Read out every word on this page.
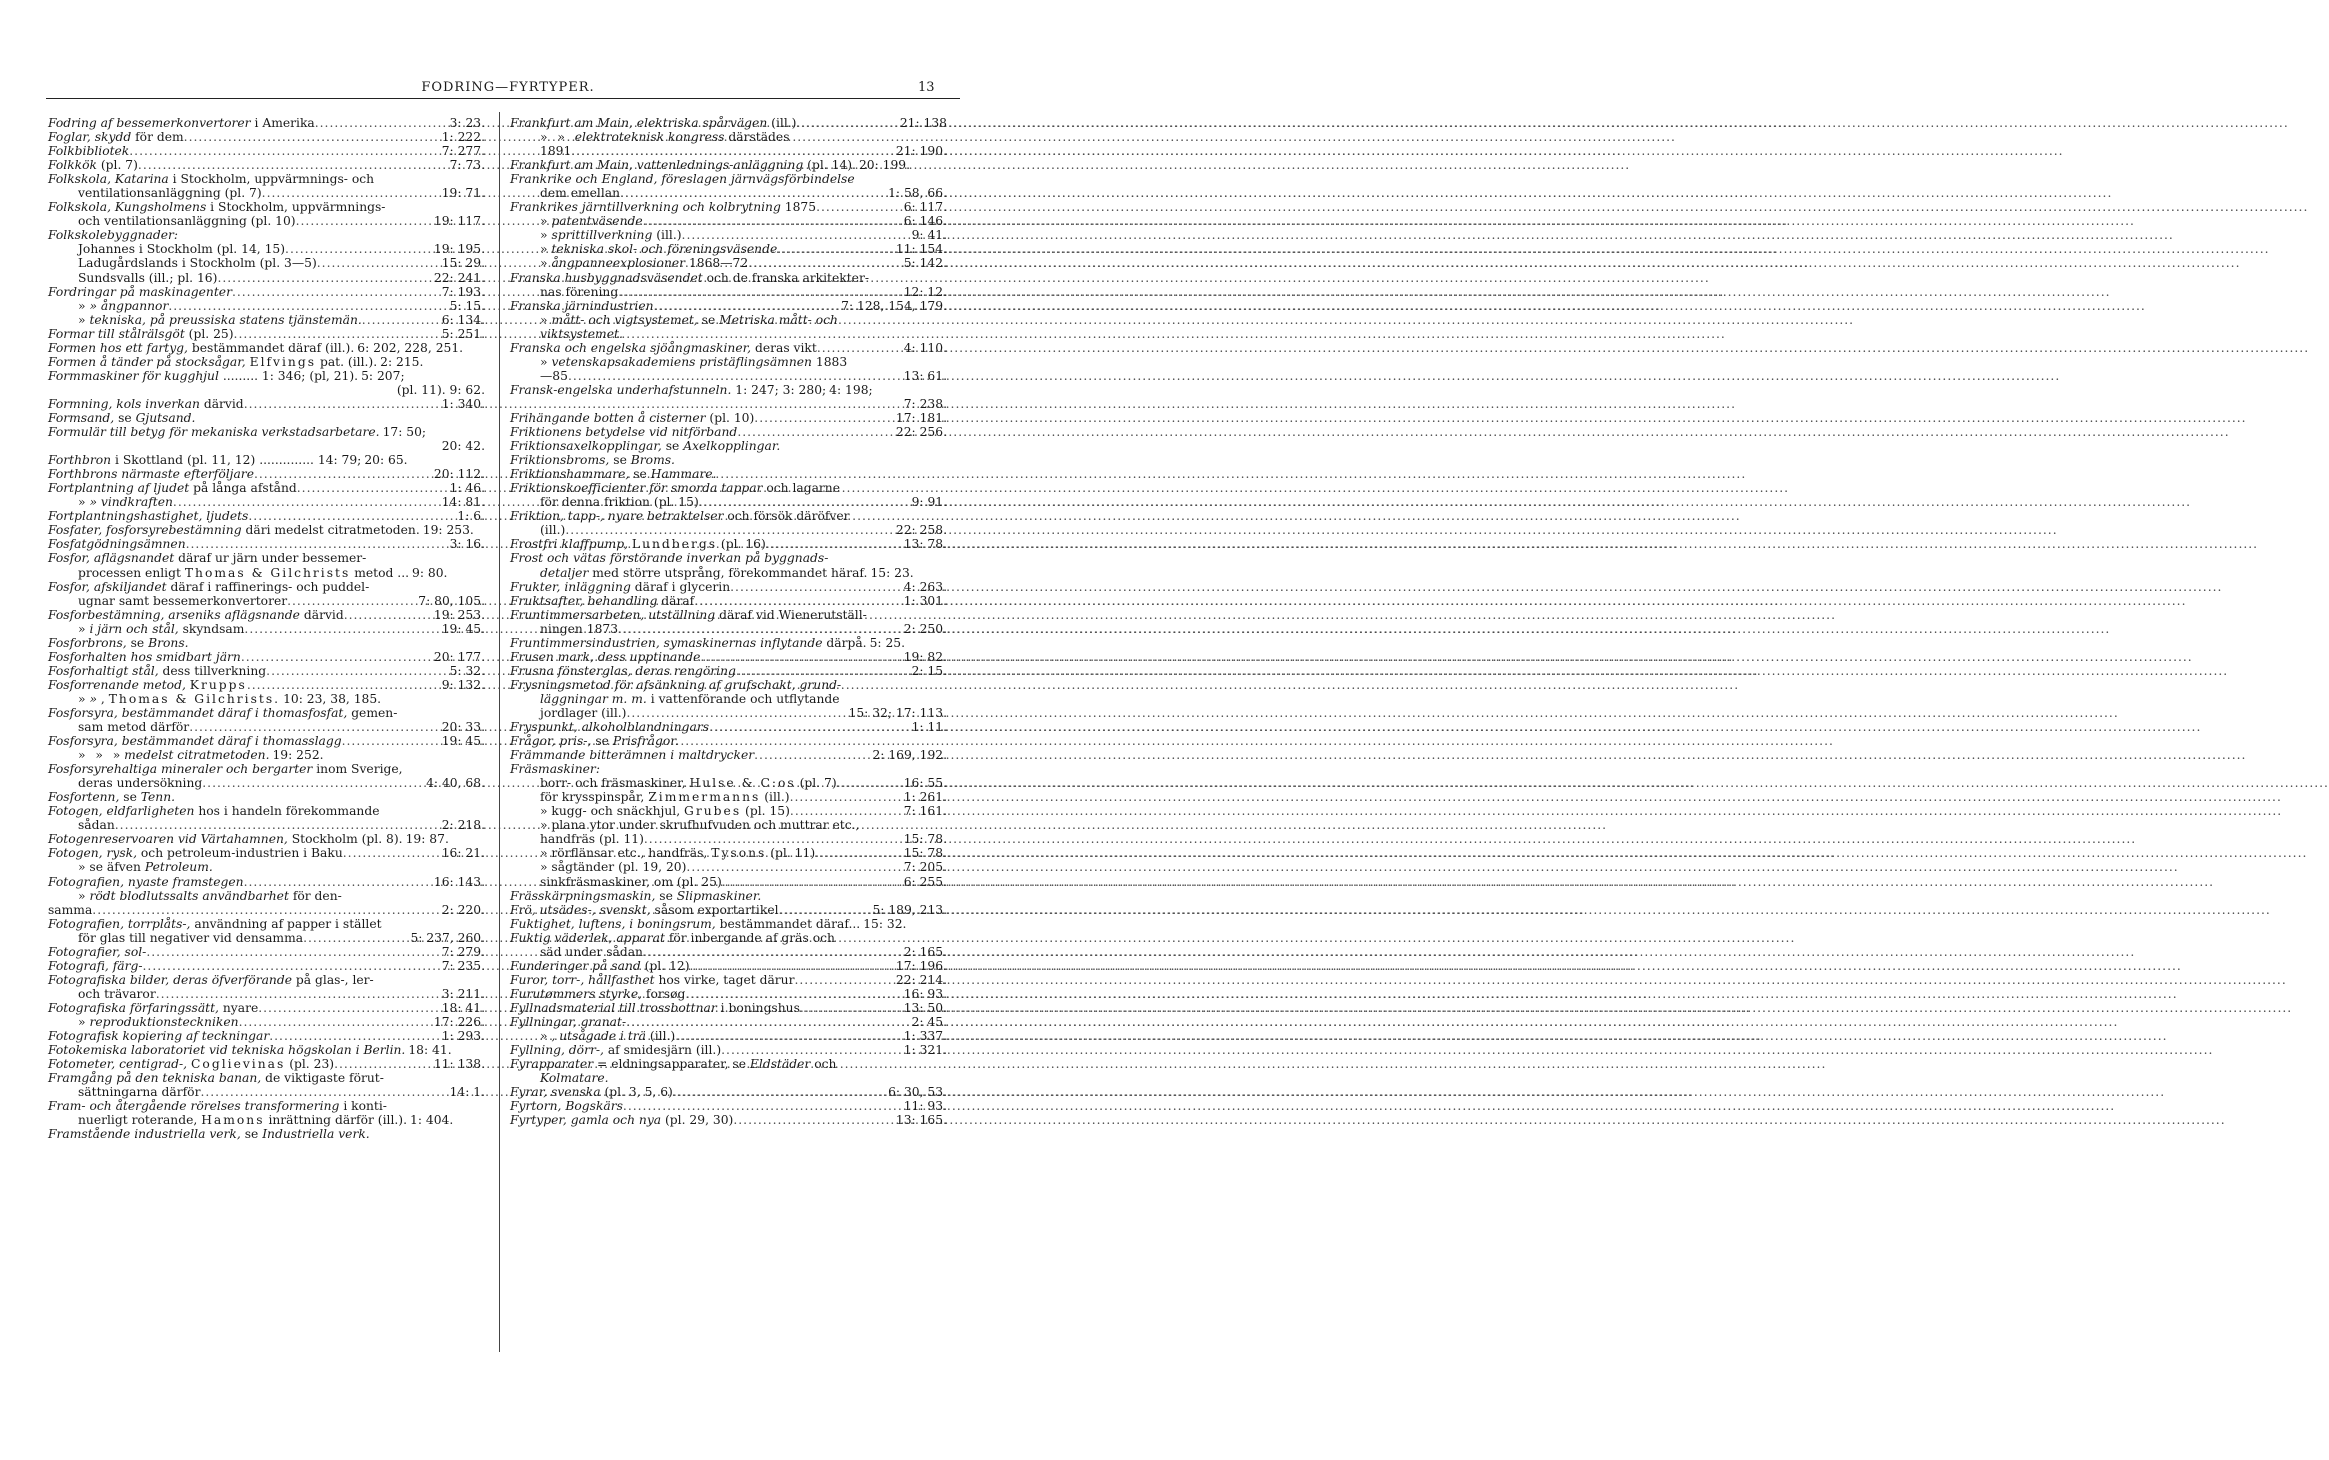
FODRING—FYRTYPER.	13

Fodring af bessemerkonvertorer i Amerika .....	3: 23.

Foglar, skydd för dem .....	1: 222.

Folkbibliotek .....	7: 277.

Folkkök (pl. 7) .....	7: 73.

Folkskola, Katarina i Stockholm, uppvärmnings- och

ventilationsanläggning (pl. 7) .....	19: 71.

Folkskola, Kungsholmens i Stockholm, uppvärmnings-

och ventilationsanläggning (pl. 10) .....	19: 117.

Folkskolebyggnader:

Johannes i Stockholm (pl. 14, 15) .....	19: 195.

Ladugårdslands i Stockholm (pl. 3—5) .....	15: 29.

Sundsvalls (ill.; pl. 16) .....	22: 241.

Fordringar på maskinagenter .....	7: 193.

» » ångpannor .....	5: 15.

» tekniska, på preussiska statens tjänstemän. .....	6: 134.

Formar till stålrälsgöt (pl. 25) .....	5: 251.

Formen hos ett fartyg, bestämmandet däraf (ill.). 6: 202, 228, 251.

Formen å tänder på stocksågar, Elfvings pat. (ill.). 2: 215.

Formmaskiner för kugghjul ......... 1: 346; (pl, 21). 5: 207;

(pl. 11). 9: 62.

Formning, kols inverkan därvid .....	1: 340.

Formsand, se Gjutsand.

Formulär till betyg för mekaniska verkstadsarbetare. 17: 50;

20: 42.

Forthbron i Skottland (pl. 11, 12) .............. 14: 79; 20: 65.

Forthbrons närmaste efterföljare .....	20: 112.

Fortplantning af ljudet på långa afstånd .....	1: 46.

» » vindkraften .....	14: 81.

Fortplantningshastighet, ljudets .....	1: 6.

Fosfater, fosforsyrebestämning däri medelst citratmetoden. 19: 253.

Fosfatgödningsämnen .....	3: 16.

Fosfor, aflägsnandet däraf ur järn under bessemer-

processen enligt Thomas & Gilchrists metod ... 9: 80.

Fosfor, afskiljandet däraf i raffinerings- och puddel-

ugnar samt bessemerkonvertorer .....	7: 80, 105.

Fosforbestämning, arseniks aflägsnande därvid .....	19: 253.

» i järn och stål, skyndsam .....	19: 45.

Fosforbrons, se Brons.

Fosforhalten hos smidbart järn .....	20: 177.

Fosforhaltigt stål, dess tillverkning .....	5: 32.

Fosforrenande metod, Krupps .....	9: 132.

» » , Thomas & Gilchrists. 10: 23, 38, 185.

Fosforsyra, bestämmandet däraf i thomasfosfat, gemen-

sam metod därför .....	20: 33.

Fosforsyra, bestämmandet däraf i thomasslagg .....	19: 45.

»  »  » medelst citratmetoden. 19: 252.

Fosforsyrehaltiga mineraler och bergarter inom Sverige,

deras undersökning .....	4: 40, 68.

Fosfortenn, se Tenn.

Fotogen, eldfarligheten hos i handeln förekommande

sådan .....	2: 218.

Fotogenreservoaren vid Värtahamnen, Stockholm (pl. 8). 19: 87.

Fotogen, rysk, och petroleum-industrien i Baku .....	16: 21.

» se äfven Petroleum.

Fotografien, nyaste framstegen .....	16: 143.

» rödt blodlutssalts användbarhet för den-

samma .....	2: 220.

Fotografien, torrplåts-, användning af papper i stället

för glas till negativer vid densamma .....	5: 237, 260.

Fotografier, sol- .....	7: 279.

Fotografi, färg- .....	7: 235.

Fotografiska bilder, deras öfverförande på glas-, ler-

och trävaror .....	3: 211.

Fotografiska förfaringssätt, nyare .....	18: 41.

» reproduktionsteckniken .....	17: 226.

Fotografisk kopiering af teckningar .....	1: 293.

Fotokemiska laboratoriet vid tekniska högskolan i Berlin. 18: 41.

Fotometer, centigrad-, Coglievinas (pl. 23) .....	11: 138.

Framgång på den tekniska banan, de viktigaste förut-

sättningarna därför .....	14: 1.

Fram- och återgående rörelses transformering i konti-

nuerligt roterande, Hamons inrättning därför (ill.). 1: 404.

Framstående industriella verk, se Industriella verk.

Frankfurt am Main, elektriska spårvägen (ill.) .....	21: 138

»  »  elektroteknisk kongress därstädes

1891 .....	21: 190.

Frankfurt am Main, vattenlednings-anläggning (pl. 14). 20: 199.

Frankrike och England, föreslagen järnvägsförbindelse

dem emellan .....	1: 58, 66.

Frankrikes järntillverkning och kolbrytning 1875 .....	6: 117.

» patentväsende .....	6: 146.

» sprittillverkning (ill.) .....	9: 41.

» tekniska skol- och föreningsväsende .....	11: 154.

» ångpanneexplosioner 1868—72 .....	5: 142.

Franska husbyggnadsväsendet och de franska arkitekter-

nas förening .....	12: 12.

Franska järnindustrien .....	7: 128, 154, 179.

» mått- och vigtsystemet, se Metriska mått- och

viktsystemet.

Franska och engelska sjöångmaskiner, deras vikt .....	4: 110.

» vetenskapsakademiens pristäflingsämnen 1883

—85 .....	13: 61.

Fransk-engelska underhafstunneln. 1: 247; 3: 280; 4: 198;

7: 238.

Frihängande botten å cisterner (pl. 10) .....	17: 181.

Friktionens betydelse vid nitförband .....	22: 256.

Friktionsaxelkopplingar, se Axelkopplingar.

Friktionsbroms, se Broms.

Friktionshammare, se Hammare.

Friktionskoefficienter för smorda tappar och lagarne

för denna friktion (pl. 15) .....	9: 91.

Friktion, tapp-, nyare betraktelser och försök däröfver

(ill.) .....	22: 258.

Frostfri klaffpump, Lundbergs (pl. 16) .....	13: 78.

Frost och vätas förstörande inverkan på byggnads-

detaljer med större utsprång, förekommandet häraf. 15: 23.

Frukter, inläggning däraf i glycerin .....	4: 263.

Fruktsafter, behandling däraf .....	1: 301.

Fruntimmersarbeten, utställning däraf vid Wienerutställ-

ningen 1873 .....	2: 250.

Fruntimmersindustrien, symaskinernas inflytande därpå. 5: 25.

Frusen mark, dess upptinande .....	19: 82.

Frusna fönsterglas, deras rengöring .....	2: 15.

Frysningsmetod för afsänkning af grufschakt, grund-

läggningar m. m. i vattenförande och utflytande

jordlager (ill.) .....	15: 32; 17: 113.

Fryspunkt, alkoholblandningars .....	1: 11.

Frågor, pris-, se Prisfrågor.

Främmande bitterämnen i maltdrycker .....	2: 169, 192.

Fräsmaskiner:

borr- och fräsmaskiner, Hulse & C:os (pl. 7) .....	16: 55.

för krysspinspår, Zimmermanns (ill.) .....	1: 261.

» kugg- och snäckhjul, Grubes (pl. 15) .....	7: 161.

» plana ytor under skrufhufvuden och muttrar etc.,

handfräs (pl. 11) .....	15: 78.

» rörflänsar etc., handfräs, Tysons (pl. 11) .....	15: 78.

» sågtänder (pl. 19, 20) .....	7: 205.

sinkfräsmaskiner, om (pl. 25) .....	6: 255.

Frässkärpningsmaskin, se Slipmaskiner.

Frö, utsädes-, svenskt, såsom exportartikel .....	5: 189, 213.

Fuktighet, luftens, i boningsrum, bestämmandet däraf... 15: 32.

Fuktig väderlek, apparat för inbergande af gräs och

säd under sådan .....	2: 165.

Funderinger på sand (pl. 12) .....	17: 196.

Furor, torr-, hållfasthet hos virke, taget därur .....	22: 214.

Furutømmers styrke, forsøg .....	16: 93.

Fyllnadsmaterial till trossbottnar i boningshus .....	13: 50.

Fyllningar, granat- .....	2: 45.

» , utsågade i trä (ill.) .....	1: 337.

Fyllning, dörr-, af smidesjärn (ill.) .....	1: 321.

Fyrapparater = eldningsapparater, se Eldstäder och

Kolmatare.

Fyrar, svenska (pl. 3, 5, 6) .....	6: 30, 53.

Fyrtorn, Bogskärs .....	11: 93.

Fyrtyper, gamla och nya (pl. 29, 30) .....	13: 165.
